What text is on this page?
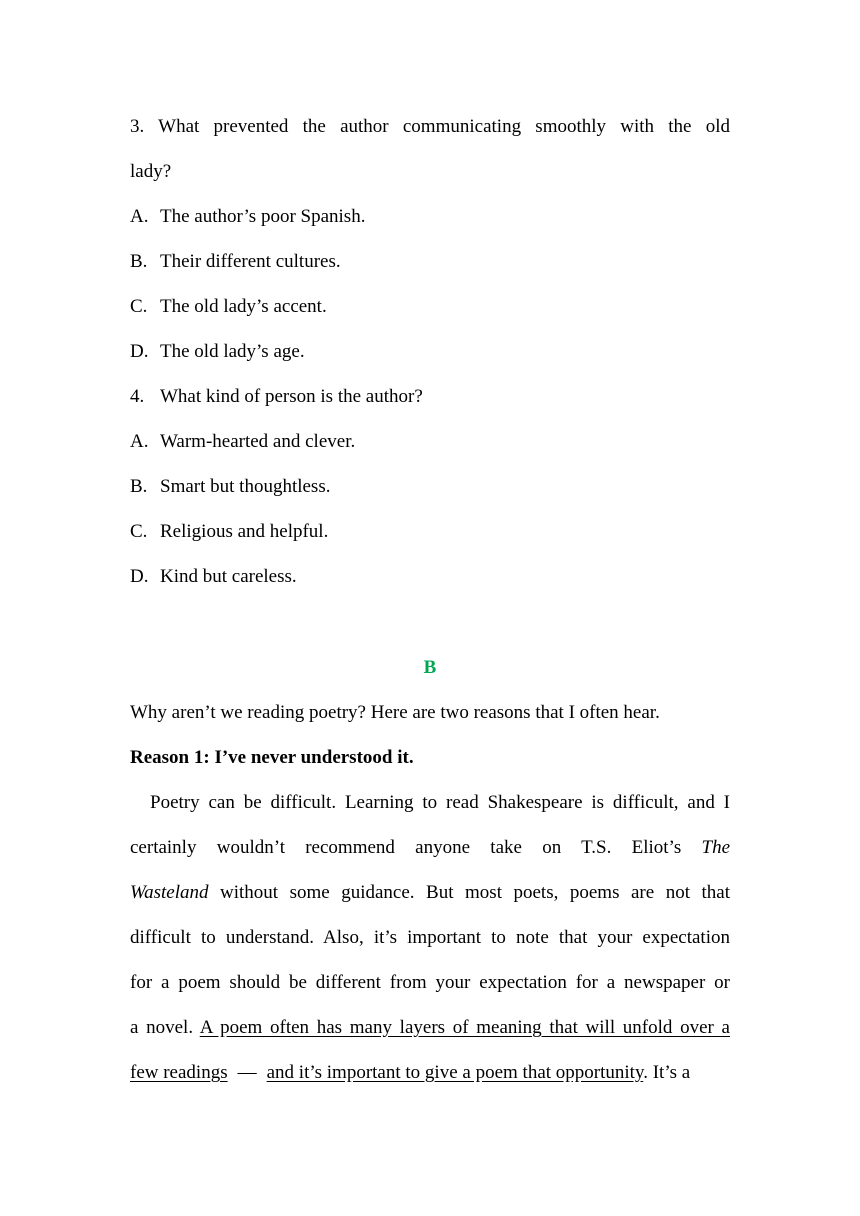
3. What prevented the author communicating smoothly with the old
lady?
A. The author’s poor Spanish.
B. Their different cultures.
C. The old lady’s accent.
D. The old lady’s age.
4. What kind of person is the author?
A. Warm-hearted and clever.
B. Smart but thoughtless.
C. Religious and helpful.
D. Kind but careless.
B
Why aren’t we reading poetry? Here are two reasons that I often hear.
Reason 1: I’ve never understood it.
Poetry can be difficult. Learning to read Shakespeare is difficult, and I
certainly wouldn’t recommend anyone take on T.S. Eliot’s The
Wasteland without some guidance. But most poets, poems are not that
difficult to understand. Also, it’s important to note that your expectation
for a poem should be different from your expectation for a newspaper or
a novel. A poem often has many layers of meaning that will unfold over a
few readings — and it’s important to give a poem that opportunity. It’s a
